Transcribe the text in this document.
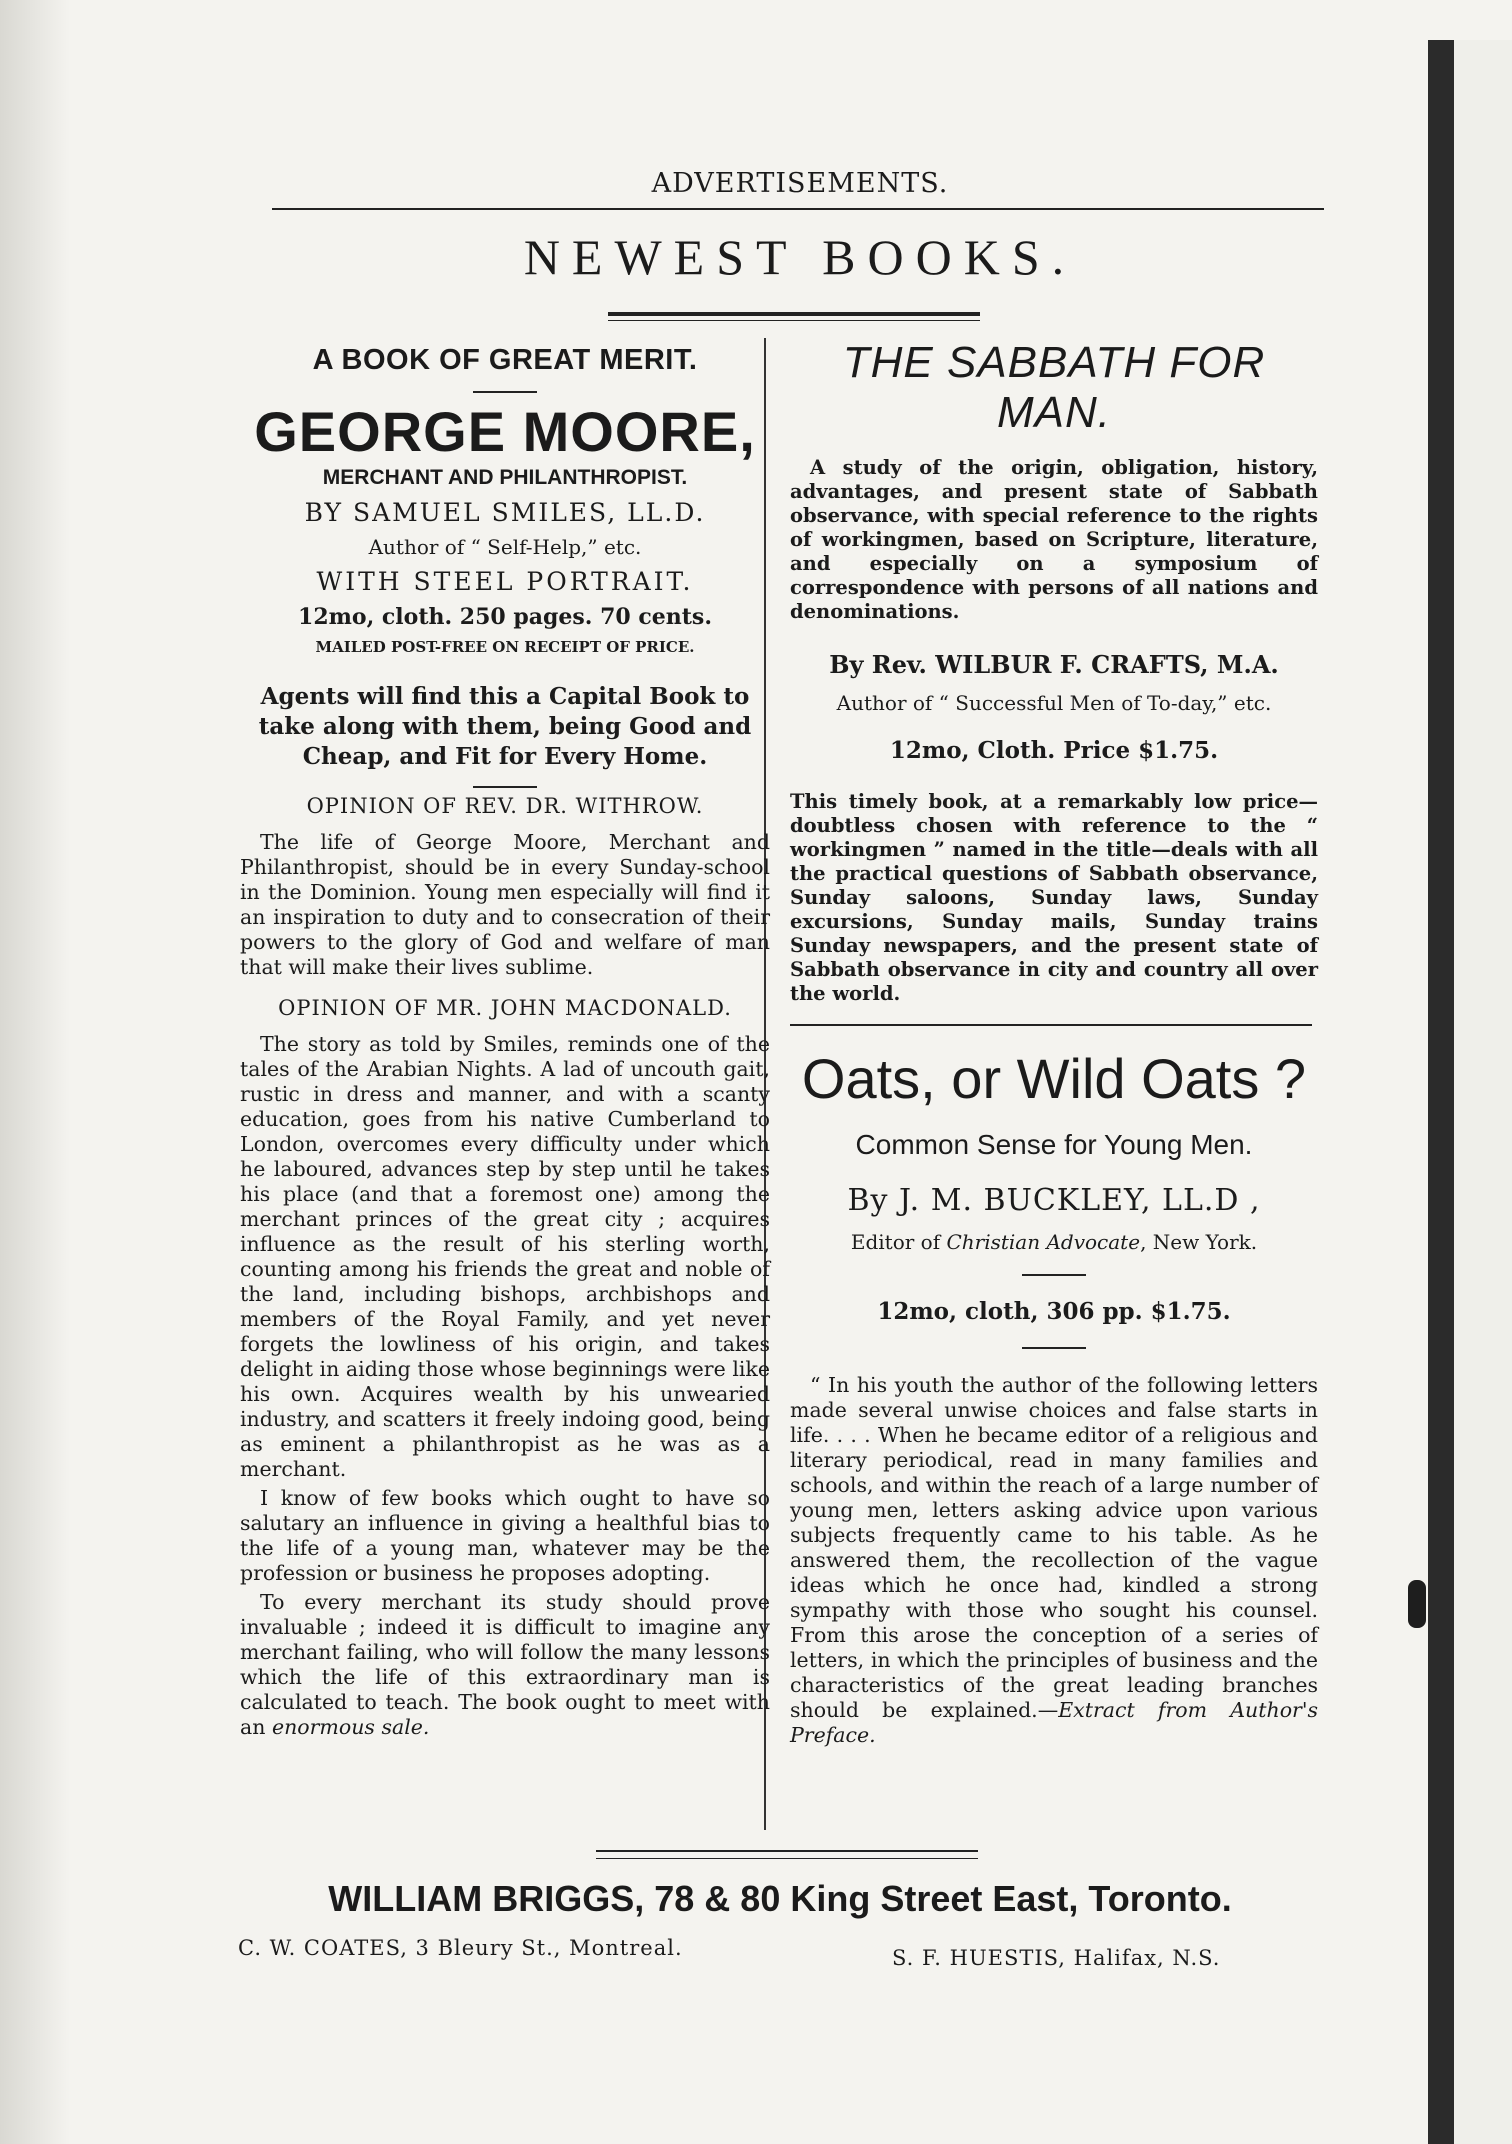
ADVERTISEMENTS.
NEWEST BOOKS.
A BOOK OF GREAT MERIT.
GEORGE MOORE,
MERCHANT AND PHILANTHROPIST.
BY SAMUEL SMILES, LL.D.
Author of “ Self-Help,” etc.
WITH STEEL PORTRAIT.
12mo, cloth. 250 pages. 70 cents.
MAILED POST-FREE ON RECEIPT OF PRICE.
Agents will find this a Capital Book to take along with them, being Good and Cheap, and Fit for Every Home.
OPINION OF REV. DR. WITHROW.

The life of George Moore, Merchant and Philanthropist, should be in every Sunday-school in the Dominion. Young men especially will find it an inspiration to duty and to consecration of their powers to the glory of God and welfare of man that will make their lives sublime.

OPINION OF MR. JOHN MACDONALD.

The story as told by Smiles, reminds one of the tales of the Arabian Nights. A lad of uncouth gait, rustic in dress and manner, and with a scanty education, goes from his native Cumberland to London, overcomes every difficulty under which he laboured, advances step by step until he takes his place (and that a foremost one) among the merchant princes of the great city ; acquires influence as the result of his sterling worth, counting among his friends the great and noble of the land, including bishops, archbishops and members of the Royal Family, and yet never forgets the lowliness of his origin, and takes delight in aiding those whose beginnings were like his own. Acquires wealth by his unwearied industry, and scatters it freely indoing good, being as eminent a philanthropist as he was as a merchant.

I know of few books which ought to have so salutary an influence in giving a healthful bias to the life of a young man, whatever may be the profession or business he proposes adopting.

To every merchant its study should prove invaluable ; indeed it is difficult to imagine any merchant failing, who will follow the many lessons which the life of this extraordinary man is calculated to teach. The book ought to meet with an enormous sale.

THE SABBATH FOR MAN.

A study of the origin, obligation, history, advantages, and present state of Sabbath observance, with special reference to the rights of workingmen, based on Scripture, literature, and especially on a symposium of correspondence with persons of all nations and denominations.

By Rev. WILBUR F. CRAFTS, M.A.
Author of “ Successful Men of To-day,” etc.
12mo, Cloth. Price $1.75.

This timely book, at a remarkably low price—doubtless chosen with reference to the “ workingmen ” named in the title—deals with all the practical questions of Sabbath observance, Sunday saloons, Sunday laws, Sunday excursions, Sunday mails, Sunday trains Sunday newspapers, and the present state of Sabbath observance in city and country all over the world.

Oats, or Wild Oats ?
Common Sense for Young Men.
By J. M. BUCKLEY, LL.D ,
Editor of Christian Advocate, New York.
12mo, cloth, 306 pp. $1.75.

“ In his youth the author of the following letters made several unwise choices and false starts in life. . . . When he became editor of a religious and literary periodical, read in many families and schools, and within the reach of a large number of young men, letters asking advice upon various subjects frequently came to his table. As he answered them, the recollection of the vague ideas which he once had, kindled a strong sympathy with those who sought his counsel. From this arose the conception of a series of letters, in which the principles of business and the characteristics of the great leading branches should be explained.—Extract from Author's Preface.

WILLIAM BRIGGS, 78 & 80 King Street East, Toronto.
C. W. COATES, 3 Bleury St., Montreal.	S. F. HUESTIS, Halifax, N.S.
